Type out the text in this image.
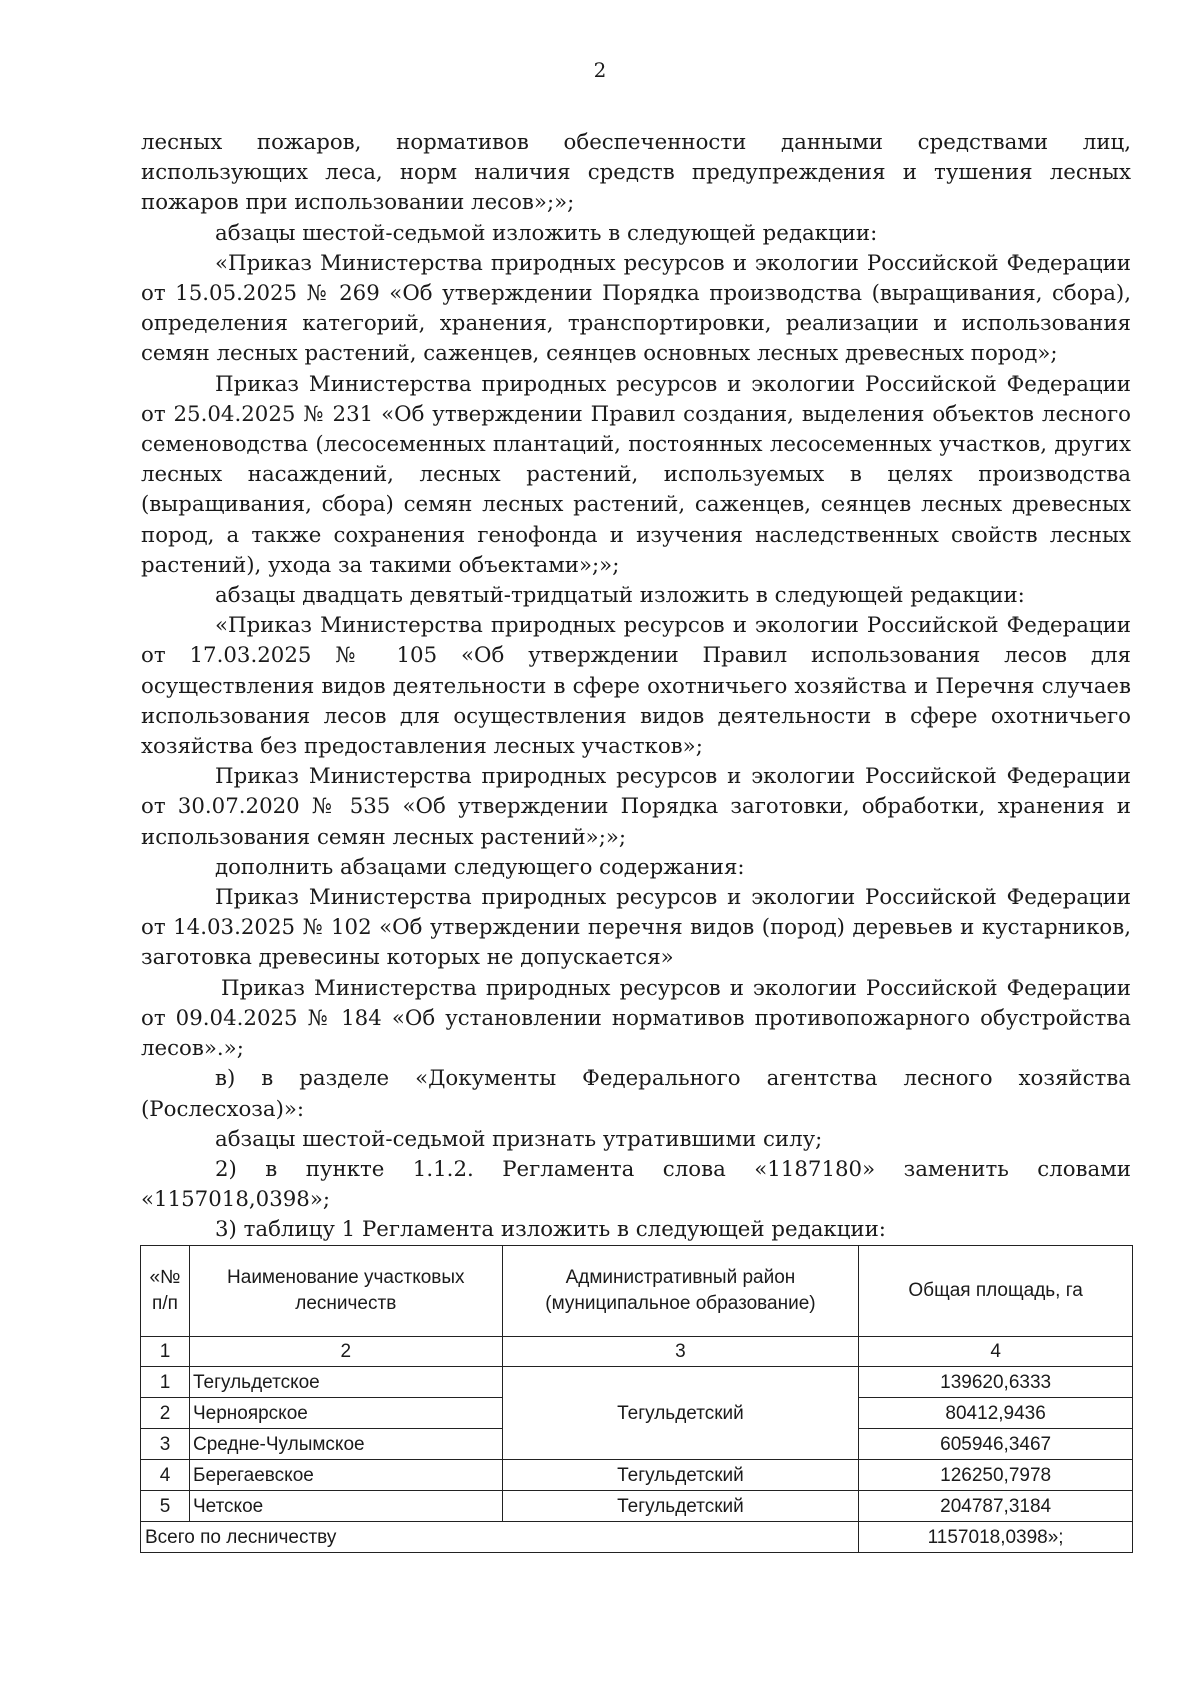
2

лесных пожаров, нормативов обеспеченности данными средствами лиц, использующих леса, норм наличия средств предупреждения и тушения лесных пожаров при использовании лесов»;»;

абзацы шестой-седьмой изложить в следующей редакции:

«Приказ Министерства природных ресурсов и экологии Российской Федерации от 15.05.2025 № 269 «Об утверждении Порядка производства (выращивания, сбора), определения категорий, хранения, транспортировки, реализации и использования семян лесных растений, саженцев, сеянцев основных лесных древесных пород»;

Приказ Министерства природных ресурсов и экологии Российской Федерации от 25.04.2025 № 231 «Об утверждении Правил создания, выделения объектов лесного семеноводства (лесосеменных плантаций, постоянных лесосеменных участков, других лесных насаждений, лесных растений, используемых в целях производства (выращивания, сбора) семян лесных растений, саженцев, сеянцев лесных древесных пород, а также сохранения генофонда и изучения наследственных свойств лесных растений), ухода за такими объектами»;»;

абзацы двадцать девятый-тридцатый изложить в следующей редакции:

«Приказ Министерства природных ресурсов и экологии Российской Федерации от 17.03.2025 № 105 «Об утверждении Правил использования лесов для осуществления видов деятельности в сфере охотничьего хозяйства и Перечня случаев использования лесов для осуществления видов деятельности в сфере охотничьего хозяйства без предоставления лесных участков»;

Приказ Министерства природных ресурсов и экологии Российской Федерации от 30.07.2020 № 535 «Об утверждении Порядка заготовки, обработки, хранения и использования семян лесных растений»;»;

дополнить абзацами следующего содержания:

Приказ Министерства природных ресурсов и экологии Российской Федерации от 14.03.2025 № 102 «Об утверждении перечня видов (пород) деревьев и кустарников, заготовка древесины которых не допускается»

Приказ Министерства природных ресурсов и экологии Российской Федерации от 09.04.2025 № 184 «Об установлении нормативов противопожарного обустройства лесов».»;

в) в разделе «Документы Федерального агентства лесного хозяйства (Рослесхоза)»:

абзацы шестой-седьмой признать утратившими силу;

2) в пункте 1.1.2. Регламента слова «1187180» заменить словами «1157018,0398»;

3) таблицу 1 Регламента изложить в следующей редакции:

«№ п/п	Наименование участковых лесничеств	Административный район (муниципальное образование)	Общая площадь, га
1	2	3	4
1	Тегульдетское	Тегульдетский	139620,6333
2	Черноярское		80412,9436
3	Средне-Чулымское		605946,3467
4	Берегаевское	Тегульдетский	126250,7978
5	Четское	Тегульдетский	204787,3184
Всего по лесничеству			1157018,0398»;
